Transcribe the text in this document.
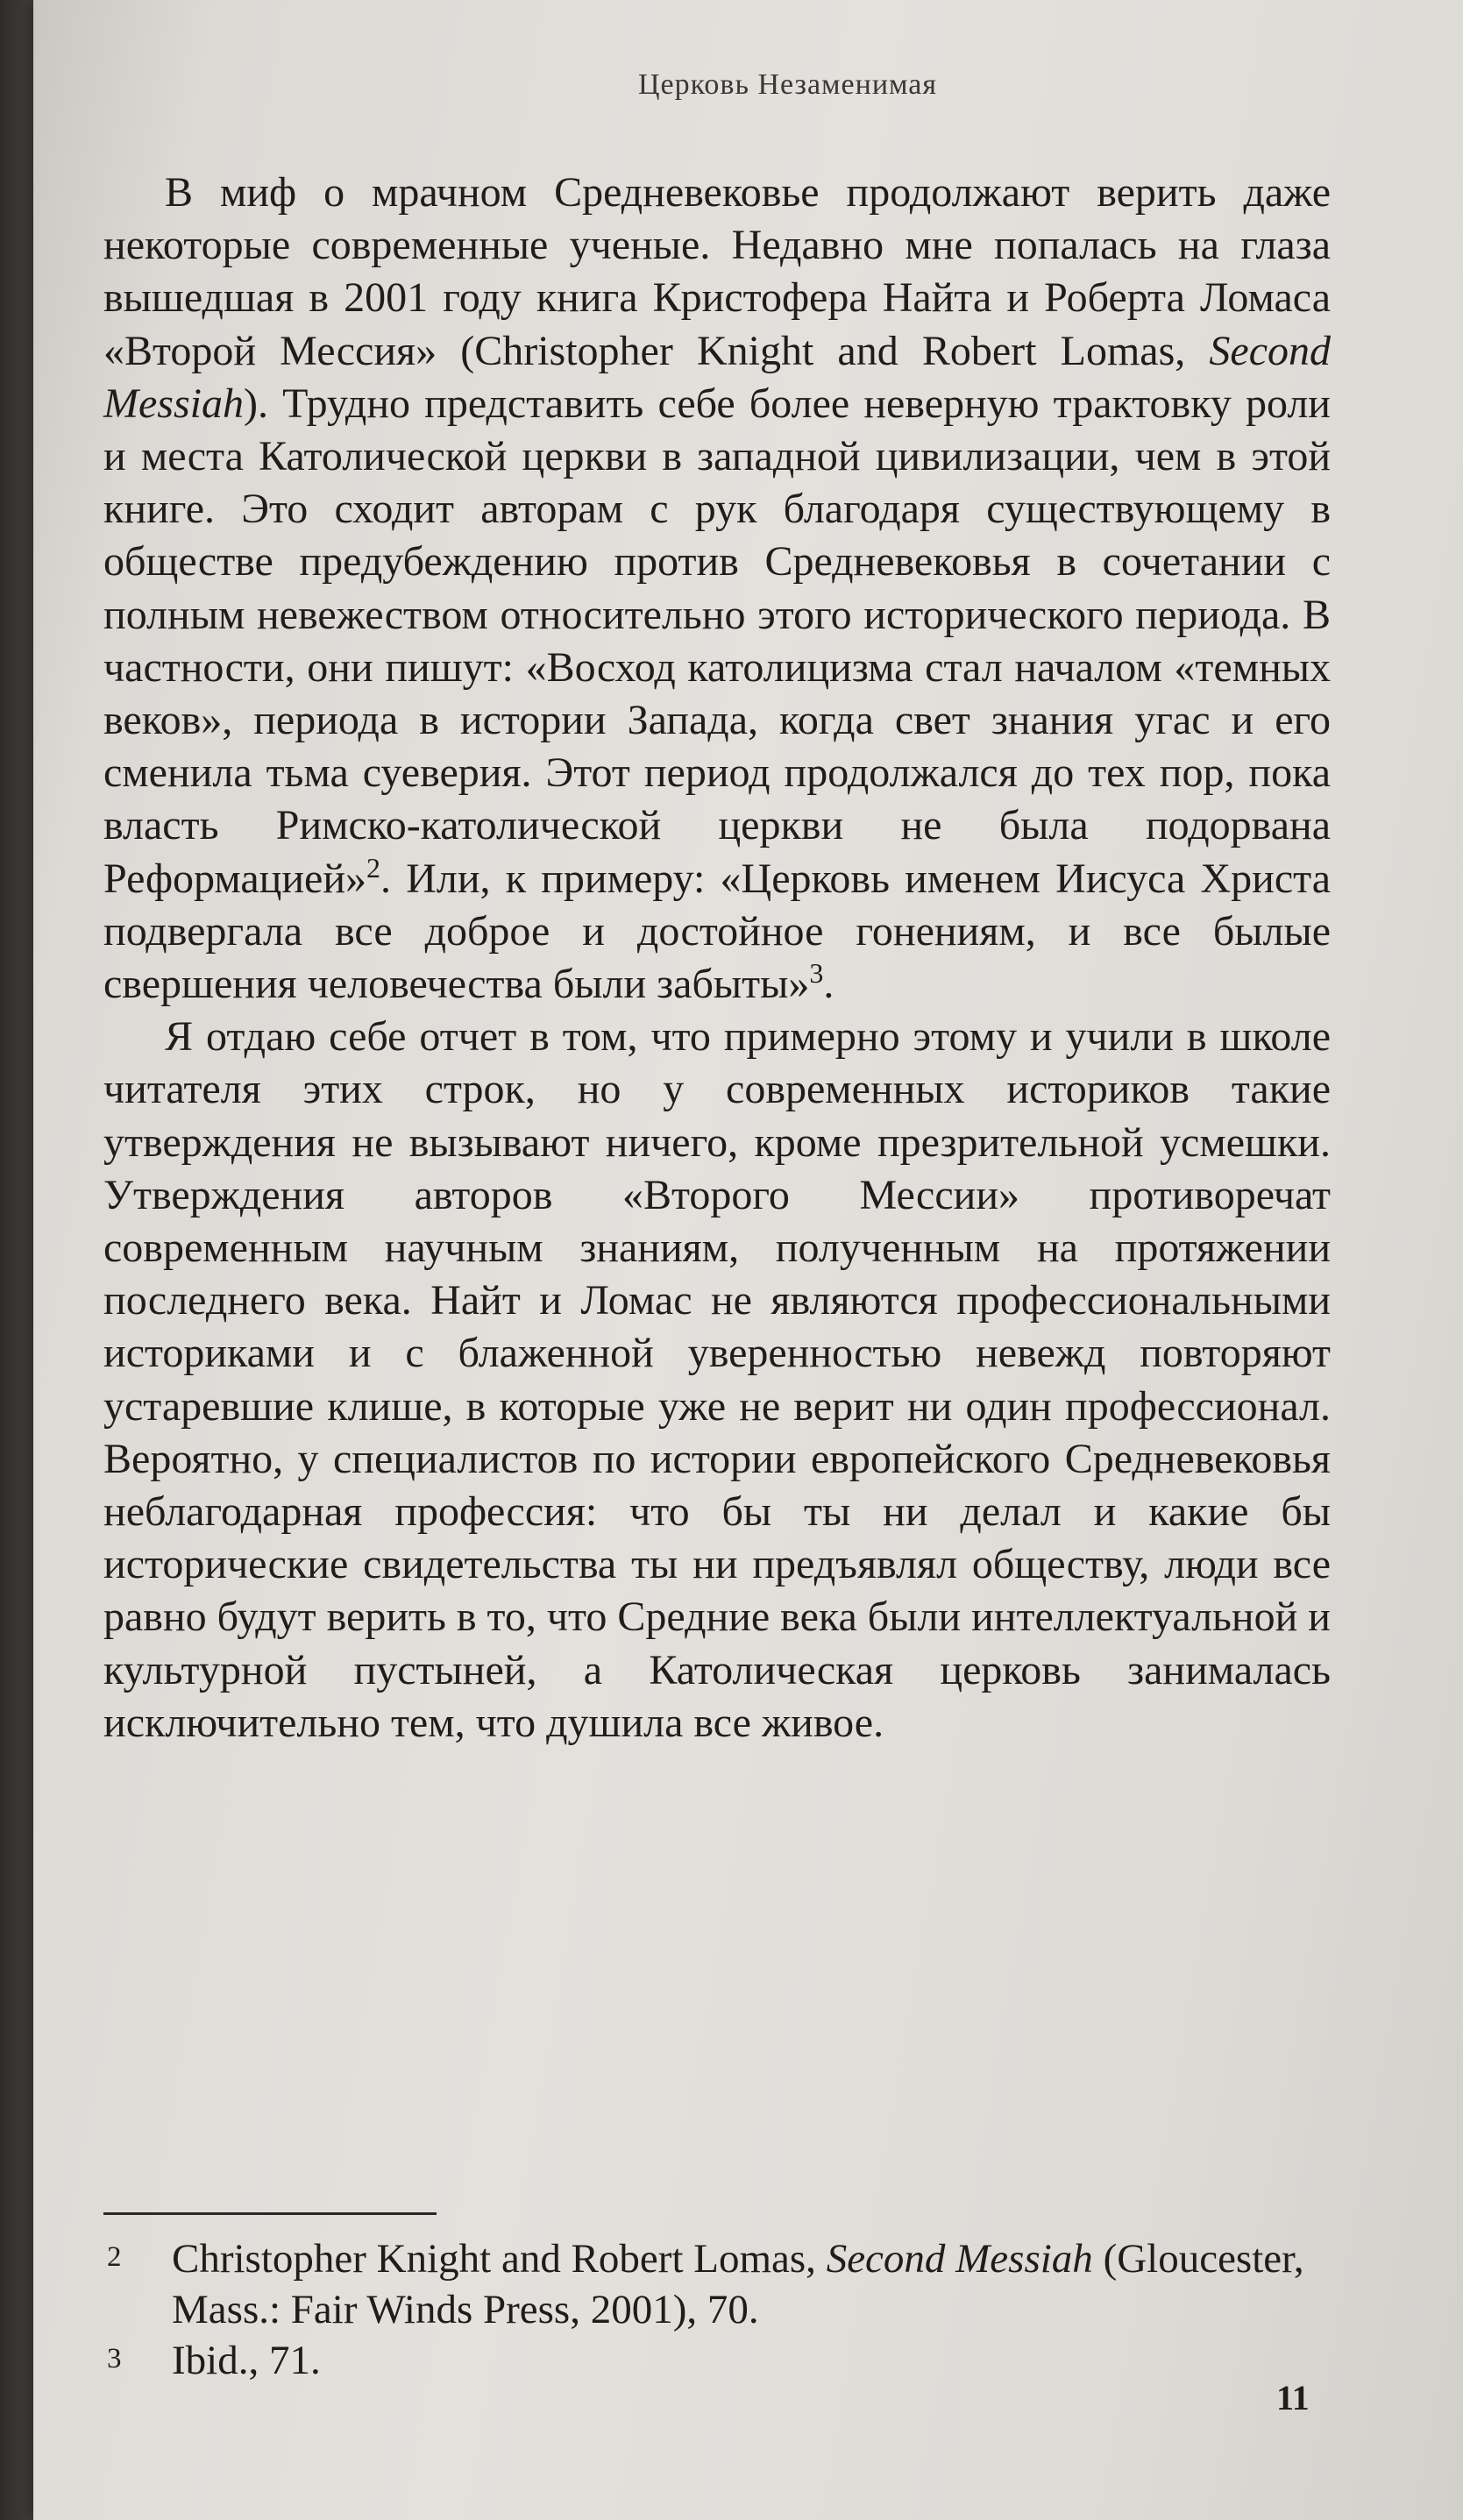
Церковь Незаменимая

В миф о мрачном Средневековье продолжают верить даже некоторые современные ученые. Недавно мне попалась на глаза вышедшая в 2001 году книга Кристофера Найта и Роберта Ломаса «Второй Мессия» (Christopher Knight and Robert Lomas, Second Messiah). Трудно представить себе более неверную трактовку роли и места Католической церкви в западной цивилизации, чем в этой книге. Это сходит авторам с рук благодаря существующему в обществе предубеждению против Средневековья в сочетании с полным невежеством относительно этого исторического периода. В частности, они пишут: «Восход католицизма стал началом «темных веков», периода в истории Запада, когда свет знания угас и его сменила тьма суеверия. Этот период продолжался до тех пор, пока власть Римско-католической церкви не была подорвана Реформацией»$^2$. Или, к примеру: «Церковь именем Иисуса Христа подвергала все доброе и достойное гонениям, и все былые свершения человечества были забыты»$^3$.

Я отдаю себе отчет в том, что примерно этому и учили в школе читателя этих строк, но у современных историков такие утверждения не вызывают ничего, кроме презрительной усмешки. Утверждения авторов «Второго Мессии» противоречат современным научным знаниям, полученным на протяжении последнего века. Найт и Ломас не являются профессиональными историками и с блаженной уверенностью невежд повторяют устаревшие клише, в которые уже не верит ни один профессионал. Вероятно, у специалистов по истории европейского Средневековья неблагодарная профессия: что бы ты ни делал и какие бы исторические свидетельства ты ни предъявлял обществу, люди все равно будут верить в то, что Средние века были интеллектуальной и культурной пустыней, а Католическая церковь занималась исключительно тем, что душила все живое.

2 Christopher Knight and Robert Lomas, Second Messiah (Gloucester, Mass.: Fair Winds Press, 2001), 70.
3 Ibid., 71.
11
